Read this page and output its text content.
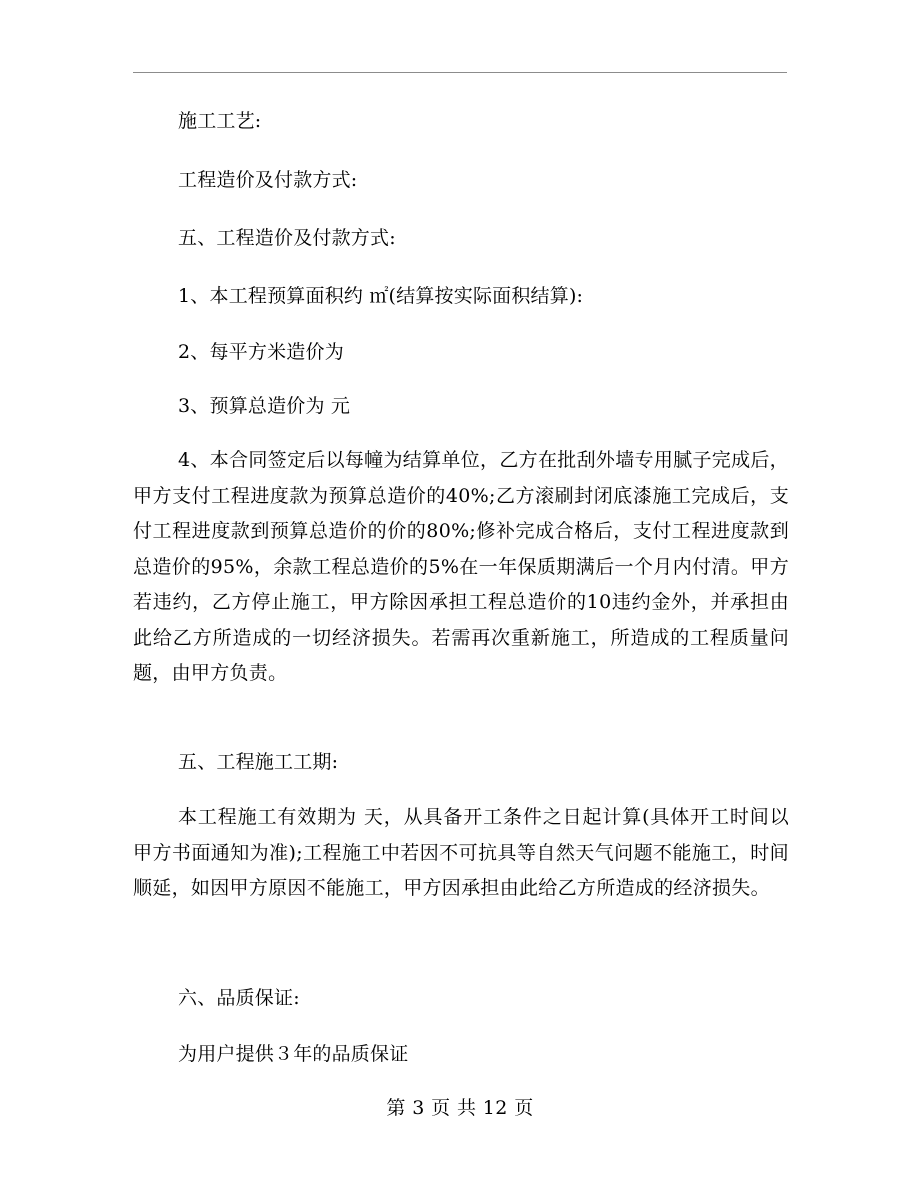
施工工艺:
工程造价及付款方式:
五、工程造价及付款方式:
1、本工程预算面积约 ㎡(结算按实际面积结算):
2、每平方米造价为
3、预算总造价为 元
4、本合同签定后以每幢为结算单位，乙方在批刮外墙专用腻子完成后，甲方支付工程进度款为预算总造价的40%;乙方滚刷封闭底漆施工完成后，支付工程进度款到预算总造价的价的80%;修补完成合格后，支付工程进度款到总造价的95%，余款工程总造价的5%在一年保质期满后一个月内付清。甲方若违约，乙方停止施工，甲方除因承担工程总造价的10违约金外，并承担由此给乙方所造成的一切经济损失。若需再次重新施工，所造成的工程质量问题，由甲方负责。
五、工程施工工期:
本工程施工有效期为 天，从具备开工条件之日起计算(具体开工时间以甲方书面通知为准);工程施工中若因不可抗具等自然天气问题不能施工，时间顺延，如因甲方原因不能施工，甲方因承担由此给乙方所造成的经济损失。
六、品质保证:
为用户提供３年的品质保证
第 3 页 共 12 页
